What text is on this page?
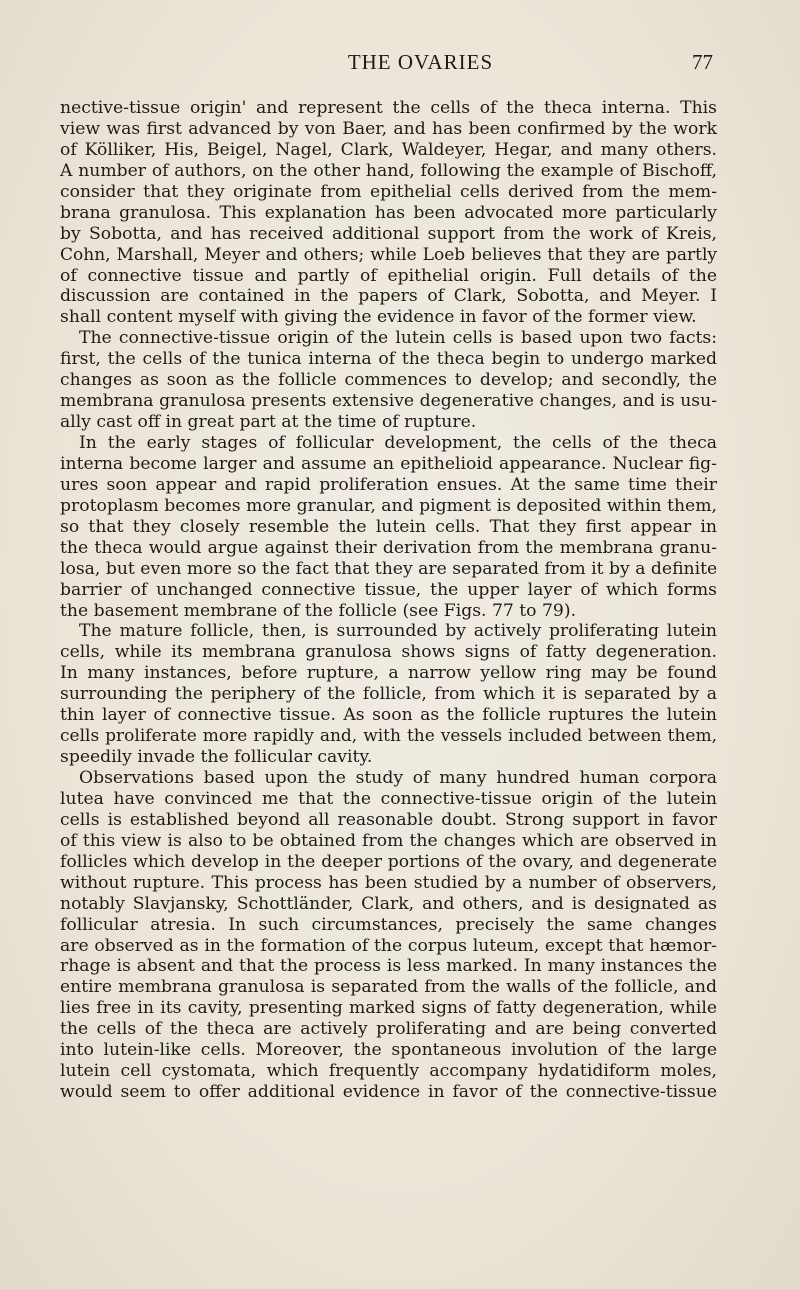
THE OVARIES	77
nective-tissue origin' and represent the cells of the theca interna. This
view was first advanced by von Baer, and has been confirmed by the work
of Kölliker, His, Beigel, Nagel, Clark, Waldeyer, Hegar, and many others.
A number of authors, on the other hand, following the example of Bischoff,
consider that they originate from epithelial cells derived from the mem-
brana granulosa. This explanation has been advocated more particularly
by Sobotta, and has received additional support from the work of Kreis,
Cohn, Marshall, Meyer and others; while Loeb believes that they are partly
of connective tissue and partly of epithelial origin. Full details of the
discussion are contained in the papers of Clark, Sobotta, and Meyer. I
shall content myself with giving the evidence in favor of the former view.
The connective-tissue origin of the lutein cells is based upon two facts:
first, the cells of the tunica interna of the theca begin to undergo marked
changes as soon as the follicle commences to develop; and secondly, the
membrana granulosa presents extensive degenerative changes, and is usu-
ally cast off in great part at the time of rupture.
In the early stages of follicular development, the cells of the theca
interna become larger and assume an epithelioid appearance. Nuclear fig-
ures soon appear and rapid proliferation ensues. At the same time their
protoplasm becomes more granular, and pigment is deposited within them,
so that they closely resemble the lutein cells. That they first appear in
the theca would argue against their derivation from the membrana granu-
losa, but even more so the fact that they are separated from it by a definite
barrier of unchanged connective tissue, the upper layer of which forms
the basement membrane of the follicle (see Figs. 77 to 79).
The mature follicle, then, is surrounded by actively proliferating lutein
cells, while its membrana granulosa shows signs of fatty degeneration.
In many instances, before rupture, a narrow yellow ring may be found
surrounding the periphery of the follicle, from which it is separated by a
thin layer of connective tissue. As soon as the follicle ruptures the lutein
cells proliferate more rapidly and, with the vessels included between them,
speedily invade the follicular cavity.
Observations based upon the study of many hundred human corpora
lutea have convinced me that the connective-tissue origin of the lutein
cells is established beyond all reasonable doubt. Strong support in favor
of this view is also to be obtained from the changes which are observed in
follicles which develop in the deeper portions of the ovary, and degenerate
without rupture. This process has been studied by a number of observers,
notably Slavjansky, Schottländer, Clark, and others, and is designated as
follicular atresia. In such circumstances, precisely the same changes
are observed as in the formation of the corpus luteum, except that hæmor-
rhage is absent and that the process is less marked. In many instances the
entire membrana granulosa is separated from the walls of the follicle, and
lies free in its cavity, presenting marked signs of fatty degeneration, while
the cells of the theca are actively proliferating and are being converted
into lutein-like cells. Moreover, the spontaneous involution of the large
lutein cell cystomata, which frequently accompany hydatidiform moles,
would seem to offer additional evidence in favor of the connective-tissue
